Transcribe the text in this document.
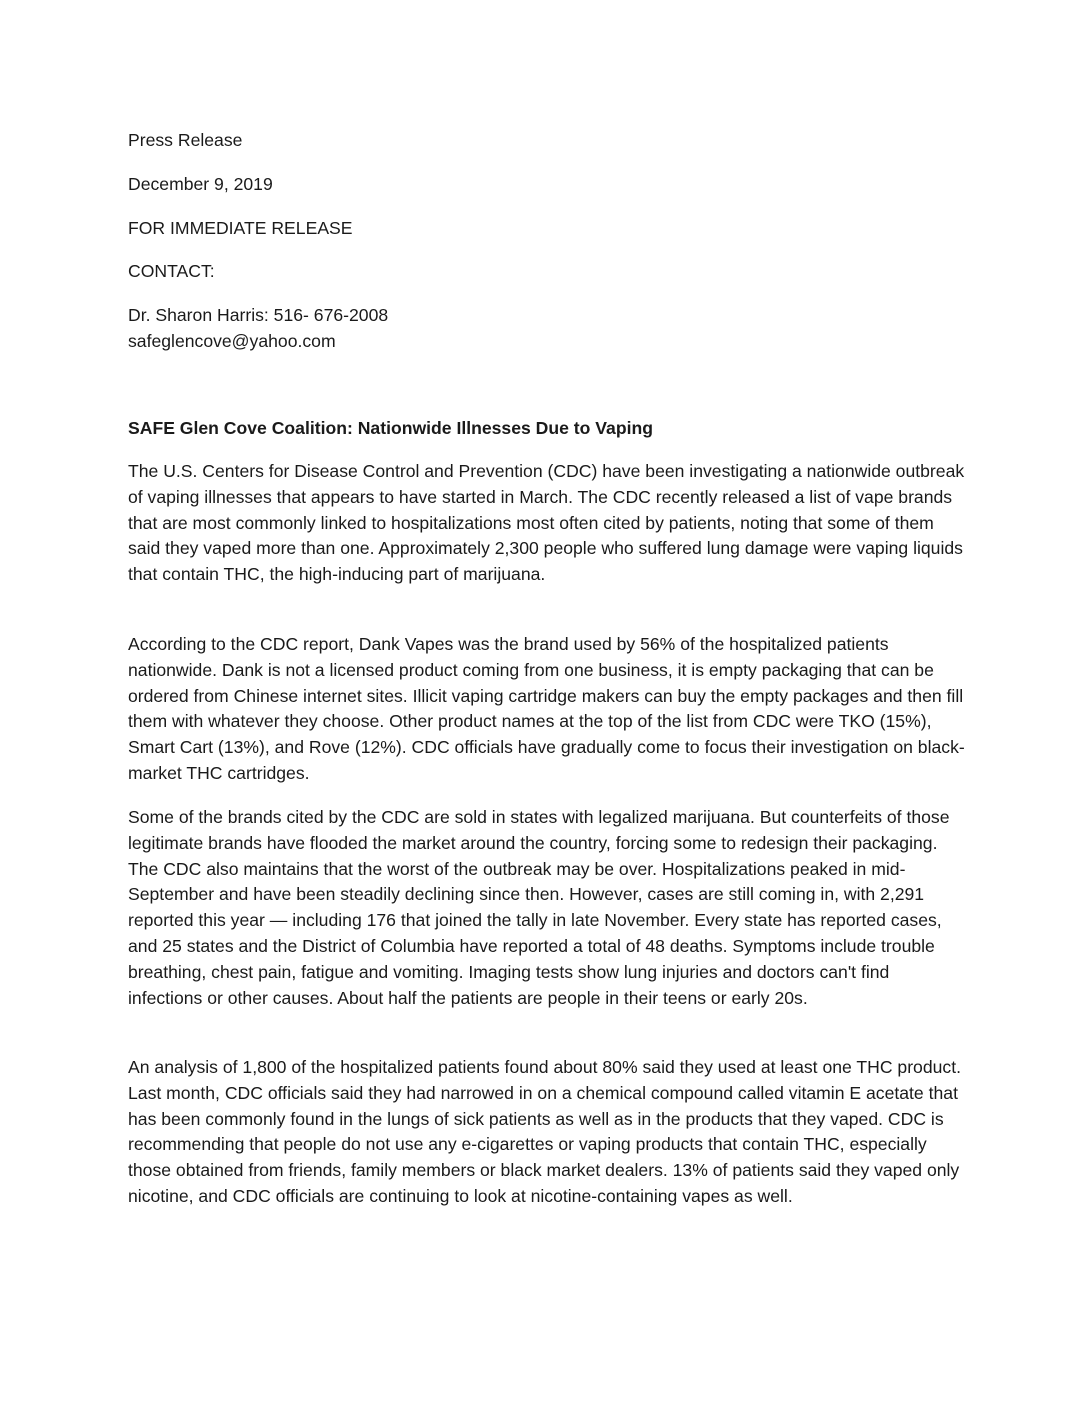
Press Release

December 9, 2019

FOR IMMEDIATE RELEASE

CONTACT:

Dr. Sharon Harris: 516- 676-2008

safeglencove@yahoo.com

SAFE Glen Cove Coalition: Nationwide Illnesses Due to Vaping

The U.S. Centers for Disease Control and Prevention (CDC) have been investigating a nationwide outbreak of vaping illnesses that appears to have started in March. The CDC recently released a list of vape brands that are most commonly linked to hospitalizations most often cited by patients, noting that some of them said they vaped more than one. Approximately 2,300 people who suffered lung damage were vaping liquids that contain THC, the high-inducing part of marijuana.

According to the CDC report, Dank Vapes was the brand used by 56% of the hospitalized patients nationwide. Dank is not a licensed product coming from one business, it is empty packaging that can be ordered from Chinese internet sites. Illicit vaping cartridge makers can buy the empty packages and then fill them with whatever they choose. Other product names at the top of the list from CDC were TKO (15%), Smart Cart (13%), and Rove (12%). CDC officials have gradually come to focus their investigation on black-market THC cartridges.

Some of the brands cited by the CDC are sold in states with legalized marijuana. But counterfeits of those legitimate brands have flooded the market around the country, forcing some to redesign their packaging. The CDC also maintains that the worst of the outbreak may be over. Hospitalizations peaked in mid-September and have been steadily declining since then. However, cases are still coming in, with 2,291 reported this year — including 176 that joined the tally in late November. Every state has reported cases, and 25 states and the District of Columbia have reported a total of 48 deaths. Symptoms include trouble breathing, chest pain, fatigue and vomiting. Imaging tests show lung injuries and doctors can't find infections or other causes. About half the patients are people in their teens or early 20s.

An analysis of 1,800 of the hospitalized patients found about 80% said they used at least one THC product. Last month, CDC officials said they had narrowed in on a chemical compound called vitamin E acetate that has been commonly found in the lungs of sick patients as well as in the products that they vaped. CDC is recommending that people do not use any e-cigarettes or vaping products that contain THC, especially those obtained from friends, family members or black market dealers. 13% of patients said they vaped only nicotine, and CDC officials are continuing to look at nicotine-containing vapes as well.
